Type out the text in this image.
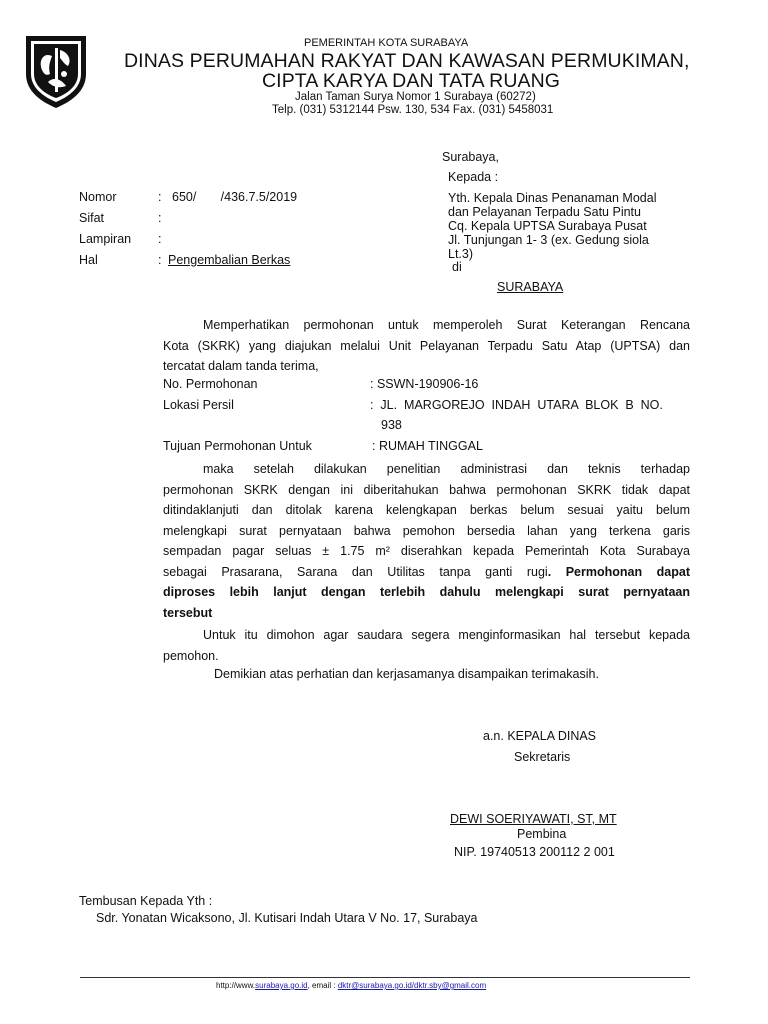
PEMERINTAH KOTA SURABAYA
DINAS PERUMAHAN RAKYAT DAN KAWASAN PERMUKIMAN,
CIPTA KARYA DAN TATA RUANG
Jalan Taman Surya Nomor 1 Surabaya (60272)
Telp. (031) 5312144 Psw. 130, 534 Fax. (031) 5458031
Surabaya,
Kepada :
Yth. Kepala Dinas Penanaman Modal
dan Pelayanan Terpadu Satu Pintu
Cq. Kepala UPTSA Surabaya Pusat
Jl. Tunjungan 1- 3 (ex. Gedung siola
Lt.3)
di
SURABAYA
Nomor	: 650/       /436.7.5/2019
Sifat	:
Lampiran :
Hal	: Pengembalian Berkas
Memperhatikan permohonan untuk memperoleh Surat Keterangan Rencana
Kota (SKRK) yang diajukan melalui Unit Pelayanan Terpadu Satu Atap (UPTSA) dan
tercatat dalam tanda terima,
No. Permohonan	: SSWN-190906-16
Lokasi Persil	:  JL.  MARGOREJO  INDAH  UTARA  BLOK  B  NO.
938
Tujuan Permohonan Untuk	: RUMAH TINGGAL
maka    setelah    dilakukan    penelitian    administrasi    dan    teknis    terhadap
permohonan SKRK dengan ini diberitahukan bahwa permohonan SKRK tidak dapat
ditindaklanjuti dan ditolak karena kelengkapan berkas belum sesuai yaitu belum
melengkapi surat pernyataan bahwa pemohon bersedia lahan yang terkena garis
sempadan pagar seluas ± 1.75 m² diserahkan kepada Pemerintah Kota Surabaya
sebagai Prasarana, Sarana dan Utilitas tanpa ganti rugi. Permohonan dapat
diproses lebih lanjut dengan terlebih dahulu melengkapi surat pernyataan
tersebut
Untuk itu dimohon agar saudara segera menginformasikan hal tersebut kepada
pemohon.
Demikian atas perhatian dan kerjasamanya disampaikan terimakasih.
a.n. KEPALA DINAS
Sekretaris
DEWI SOERIYAWATI, ST, MT
Pembina
NIP. 19740513 200112 2 001
Tembusan Kepada Yth :
Sdr. Yonatan Wicaksono, Jl. Kutisari Indah Utara V No. 17, Surabaya
http://www.surabaya.go.id, email : dktr@surabaya.go.id/dktr.sby@gmail.com
